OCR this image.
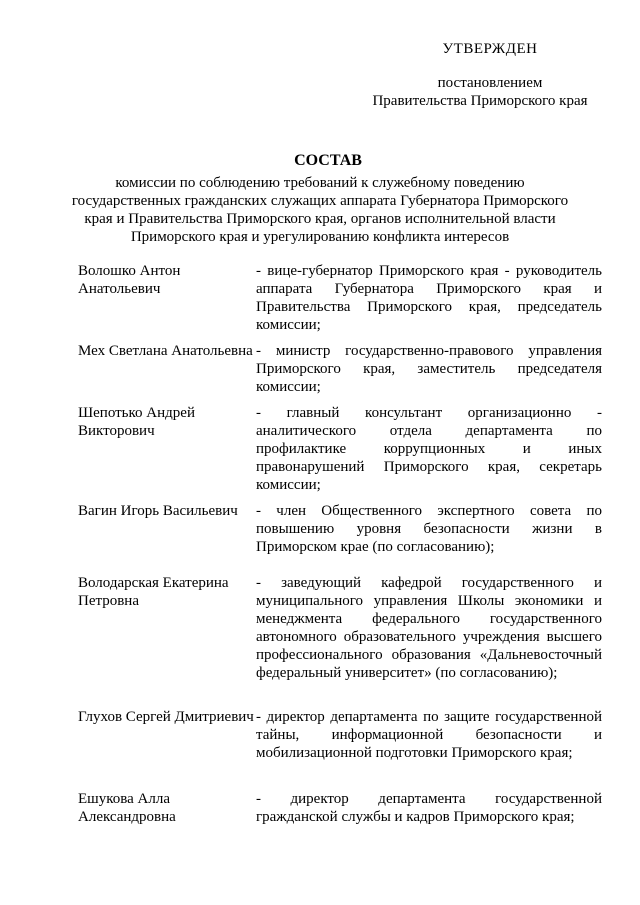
УТВЕРЖДЕН
постановлением
Правительства Приморского края
СОСТАВ
комиссии по соблюдению требований к служебному поведению государственных гражданских служащих аппарата Губернатора Приморского края и Правительства Приморского края, органов исполнительной власти Приморского края и урегулированию конфликта интересов
Волошко Антон Анатольевич
- вице-губернатор Приморского края - руководитель аппарата Губернатора Приморского края и Правительства Приморского края, председатель комиссии;
Мех Светлана Анатольевна - министр государственно-правового управления Приморского края, заместитель председателя комиссии;
Шепотько Андрей Викторович
- главный консультант организационно - аналитического отдела департамента по профилактике коррупционных и иных правонарушений Приморского края, секретарь комиссии;
Вагин Игорь Васильевич	- член Общественного экспертного совета по повышению уровня безопасности жизни в Приморском крае (по согласованию);
Володарская Екатерина Петровна
- заведующий кафедрой государственного и муниципального управления Школы экономики и менеджмента федерального государственного автономного образовательного учреждения высшего профессионального образования «Дальневосточный федеральный университет» (по согласованию);
Глухов Сергей Дмитриевич - директор департамента по защите государственной тайны, информационной безопасности и мобилизационной подготовки Приморского края;
Ешукова Алла Александровна
- директор департамента государственной гражданской службы и кадров Приморского края;
